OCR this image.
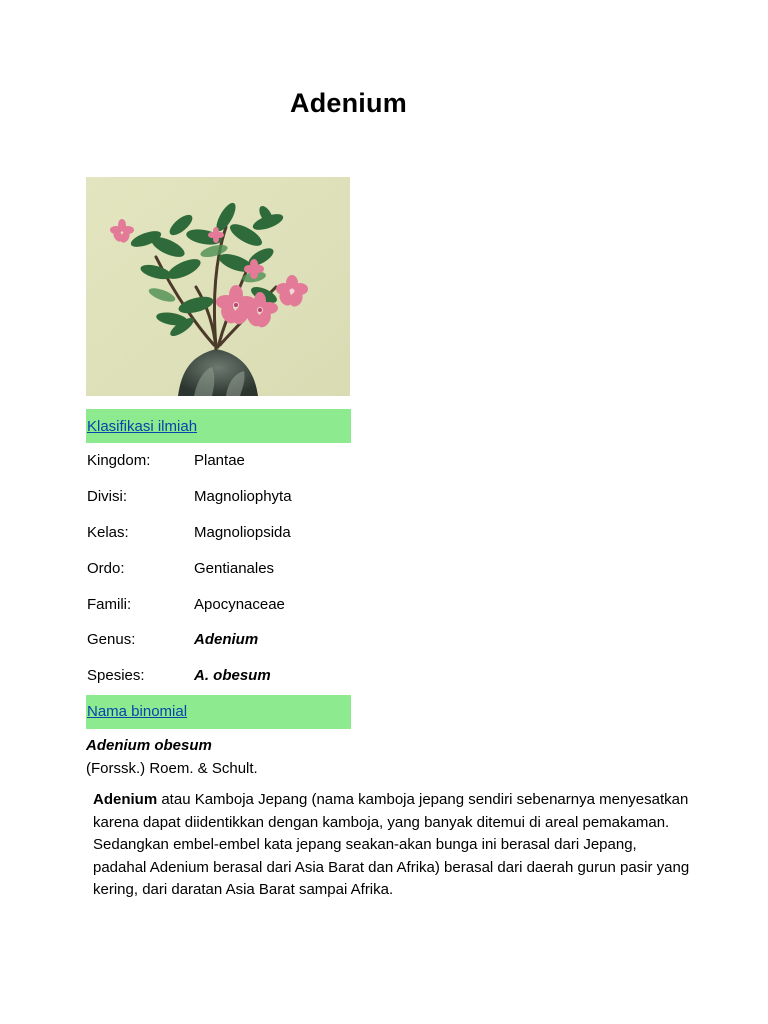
Adenium
Klasifikasi ilmiah
Kingdom:	Plantae
Divisi:	Magnoliophyta
Kelas:	Magnoliopsida
Ordo:	Gentianales
Famili:	Apocynaceae
Genus:	Adenium
Spesies:	A. obesum
Nama binomial
Adenium obesum
(Forssk.) Roem. & Schult.

Adenium atau Kamboja Jepang (nama kamboja jepang sendiri sebenarnya menyesatkan karena dapat diidentikkan dengan kamboja, yang banyak ditemui di areal pemakaman. Sedangkan embel-embel kata jepang seakan-akan bunga ini berasal dari Jepang, padahal Adenium berasal dari Asia Barat dan Afrika) berasal dari daerah gurun pasir yang kering, dari daratan Asia Barat sampai Afrika.
